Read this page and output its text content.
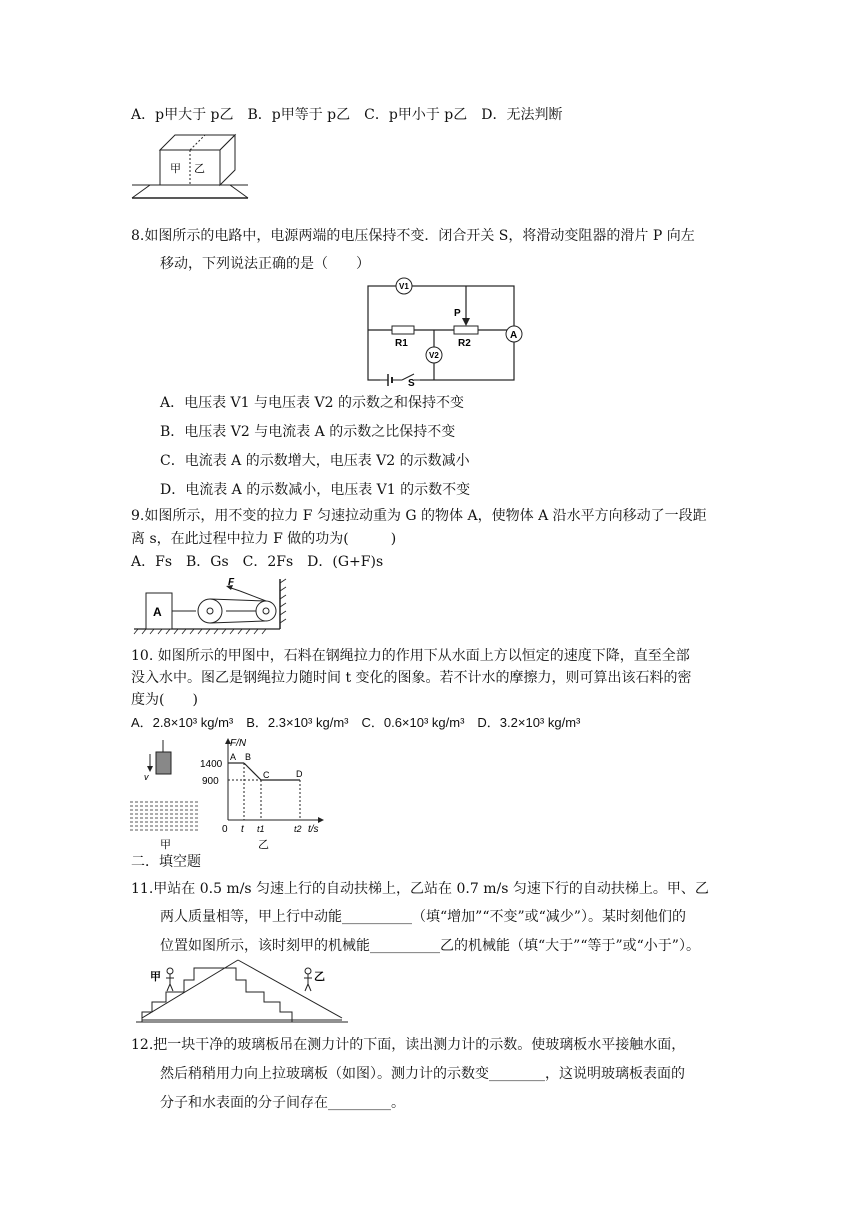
A．p甲大于 p乙　B．p甲等于 p乙　C．p甲小于 p乙　D．无法判断
甲 乙
8.如图所示的电路中，电源两端的电压保持不变．闭合开关 S，将滑动变阻器的滑片 P 向左
移动，下列说法正确的是（　　）
V1
V2
A
R1	R2
P
S
A．电压表 V1 与电压表 V2 的示数之和保持不变
B．电压表 V2 与电流表 A 的示数之比保持不变
C．电流表 A 的示数增大，电压表 V2 的示数减小
D．电流表 A 的示数减小，电压表 V1 的示数不变
9.如图所示，用不变的拉力 F 匀速拉动重为 G 的物体 A，使物体 A 沿水平方向移动了一段距
离 s，在此过程中拉力 F 做的功为(　　　)
A．Fs　B．Gs　C．2Fs　D．(G+F)s
A
F
10. 如图所示的甲图中，石料在钢绳拉力的作用下从水面上方以恒定的速度下降，直至全部
没入水中。图乙是钢绳拉力随时间 t 变化的图象。若不计水的摩擦力，则可算出该石料的密
度为(　　)
A．2.8×10³ kg/m³　B．2.3×10³ kg/m³　C．0.6×10³ kg/m³　D．3.2×10³ kg/m³
v
甲
F/N
1400
900
A B
C	D
0 t t1	t2 t/s
乙
二．填空题
11.甲站在 0.5 m/s 匀速上行的自动扶梯上，乙站在 0.7 m/s 匀速下行的自动扶梯上。甲、乙
两人质量相等，甲上行中动能__________（填“增加”“不变”或“减少”）。某时刻他们的
位置如图所示，该时刻甲的机械能__________乙的机械能（填“大于”“等于”或“小于”）。
甲	乙
12.把一块干净的玻璃板吊在测力计的下面，读出测力计的示数。使玻璃板水平接触水面，
然后稍稍用力向上拉玻璃板（如图）。测力计的示数变________，这说明玻璃板表面的
分子和水表面的分子间存在_________。
